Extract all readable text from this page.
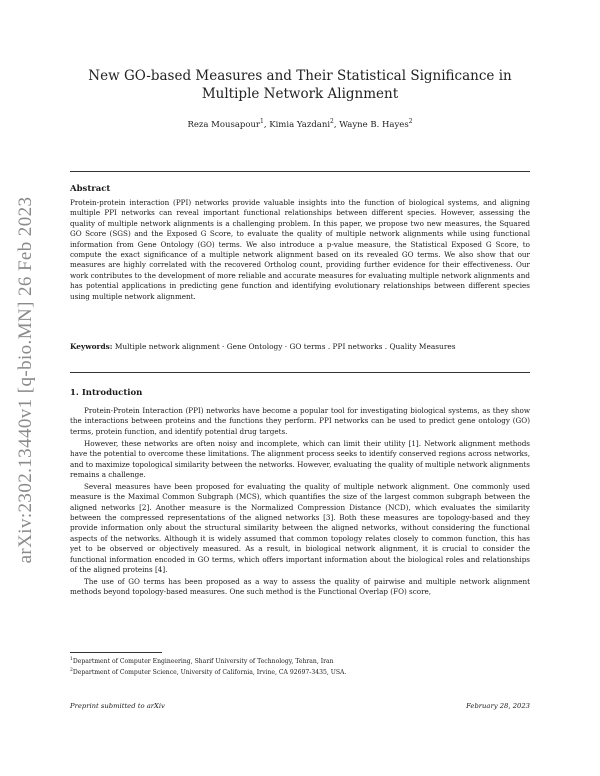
arXiv:2302.13440v1 [q-bio.MN] 26 Feb 2023
New GO-based Measures and Their Statistical Significance in Multiple Network Alignment
Reza Mousapour$^1$, Kimia Yazdani$^2$, Wayne B. Hayes$^2$
Abstract
Protein-protein interaction (PPI) networks provide valuable insights into the function of biological systems, and aligning multiple PPI networks can reveal important functional relationships between different species. However, assessing the quality of multiple network alignments is a challenging problem. In this paper, we propose two new measures, the Squared GO Score (SGS) and the Exposed G Score, to evaluate the quality of multiple network alignments while using functional information from Gene Ontology (GO) terms. We also introduce a p-value measure, the Statistical Exposed G Score, to compute the exact significance of a multiple network alignment based on its revealed GO terms. We also show that our measures are highly correlated with the recovered Ortholog count, providing further evidence for their effectiveness. Our work contributes to the development of more reliable and accurate measures for evaluating multiple network alignments and has potential applications in predicting gene function and identifying evolutionary relationships between different species using multiple network alignment.
Keywords: Multiple network alignment · Gene Ontology · GO terms . PPI networks . Quality Measures
1. Introduction

Protein-Protein Interaction (PPI) networks have become a popular tool for investigating biological systems, as they show the interactions between proteins and the functions they perform. PPI networks can be used to predict gene ontology (GO) terms, protein function, and identify potential drug targets.

However, these networks are often noisy and incomplete, which can limit their utility [1]. Network alignment methods have the potential to overcome these limitations. The alignment process seeks to identify conserved regions across networks, and to maximize topological similarity between the networks. However, evaluating the quality of multiple network alignments remains a challenge.

Several measures have been proposed for evaluating the quality of multiple network alignment. One commonly used measure is the Maximal Common Subgraph (MCS), which quantifies the size of the largest common subgraph between the aligned networks [2]. Another measure is the Normalized Compression Distance (NCD), which evaluates the similarity between the compressed representations of the aligned networks [3]. Both these measures are topology-based and they provide information only about the structural similarity between the aligned networks, without considering the functional aspects of the networks. Although it is widely assumed that common topology relates closely to common function, this has yet to be observed or objectively measured. As a result, in biological network alignment, it is crucial to consider the functional information encoded in GO terms, which offers important information about the biological roles and relationships of the aligned proteins [4].

The use of GO terms has been proposed as a way to assess the quality of pairwise and multiple network alignment methods beyond topology-based measures. One such method is the Functional Overlap (FO) score,

$^1$Department of Computer Engineering, Sharif University of Technology, Tehran, Iran
$^2$Department of Computer Science, University of California, Irvine, CA 92697-3435, USA.
Preprint submitted to arXiv	February 28, 2023
